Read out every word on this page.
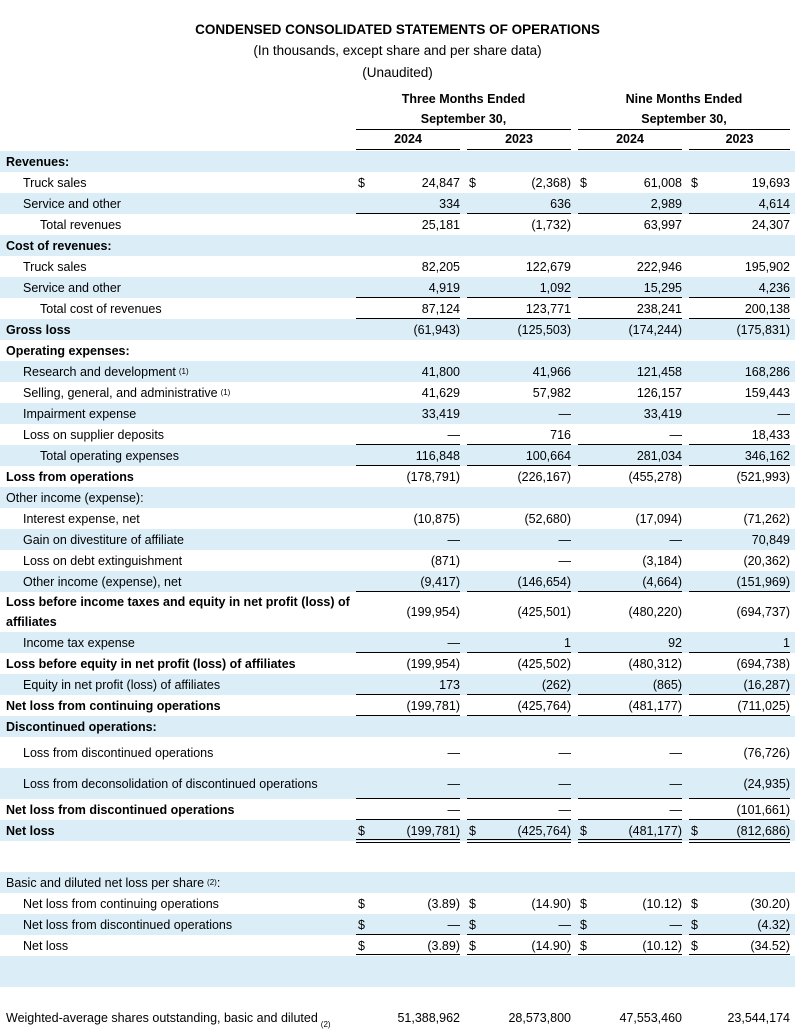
CONDENSED CONSOLIDATED STATEMENTS OF OPERATIONS
(In thousands, except share and per share data)
(Unaudited)
Three Months Ended
September 30,
Nine Months Ended
September 30,
2024	2023	2024	2023
Revenues:
Truck sales	$	24,847 $	(2,368) $	61,008 $	19,693
Service and other	334	636	2,989	4,614
Total revenues	25,181	(1,732)	63,997	24,307
Cost of revenues:
Truck sales	82,205	122,679	222,946	195,902
Service and other	4,919	1,092	15,295	4,236
Total cost of revenues	87,124	123,771	238,241	200,138
Gross loss	(61,943)	(125,503)	(174,244)	(175,831)
Operating expenses:
Research and development (1)	41,800	41,966	121,458	168,286
Selling, general, and administrative (1)	41,629	57,982	126,157	159,443
Impairment expense	33,419	—	33,419	—
Loss on supplier deposits	—	716	—	18,433
Total operating expenses	116,848	100,664	281,034	346,162
Loss from operations	(178,791)	(226,167)	(455,278)	(521,993)
Other income (expense):
Interest expense, net	(10,875)	(52,680)	(17,094)	(71,262)
Gain on divestiture of affiliate	—	—	—	70,849
Loss on debt extinguishment	(871)	—	(3,184)	(20,362)
Other income (expense), net	(9,417)	(146,654)	(4,664)	(151,969)
Loss before income taxes and equity in net profit (loss) of affiliates
(199,954)	(425,501)	(480,220)	(694,737)
Income tax expense	—	1	92	1
Loss before equity in net profit (loss) of affiliates	(199,954)	(425,502)	(480,312)	(694,738)
Equity in net profit (loss) of affiliates	173	(262)	(865)	(16,287)
Net loss from continuing operations	(199,781)	(425,764)	(481,177)	(711,025)
Discontinued operations:
Loss from discontinued operations	—	—	—	(76,726)
Loss from deconsolidation of discontinued operations	—	—	—	(24,935)
Net loss from discontinued operations	—	—	—	(101,661)
Net loss	$	(199,781) $	(425,764) $	(481,177) $	(812,686)
Basic and diluted net loss per share (2) :
Net loss from continuing operations	$	(3.89) $	(14.90) $	(10.12) $	(30.20)
Net loss from discontinued operations	$	— $	— $	— $	(4.32)
Net loss	$	(3.89) $	(14.90) $	(10.12) $	(34.52)
Weighted-average shares outstanding, basic and diluted (2)	51,388,962	28,573,800	47,553,460	23,544,174
